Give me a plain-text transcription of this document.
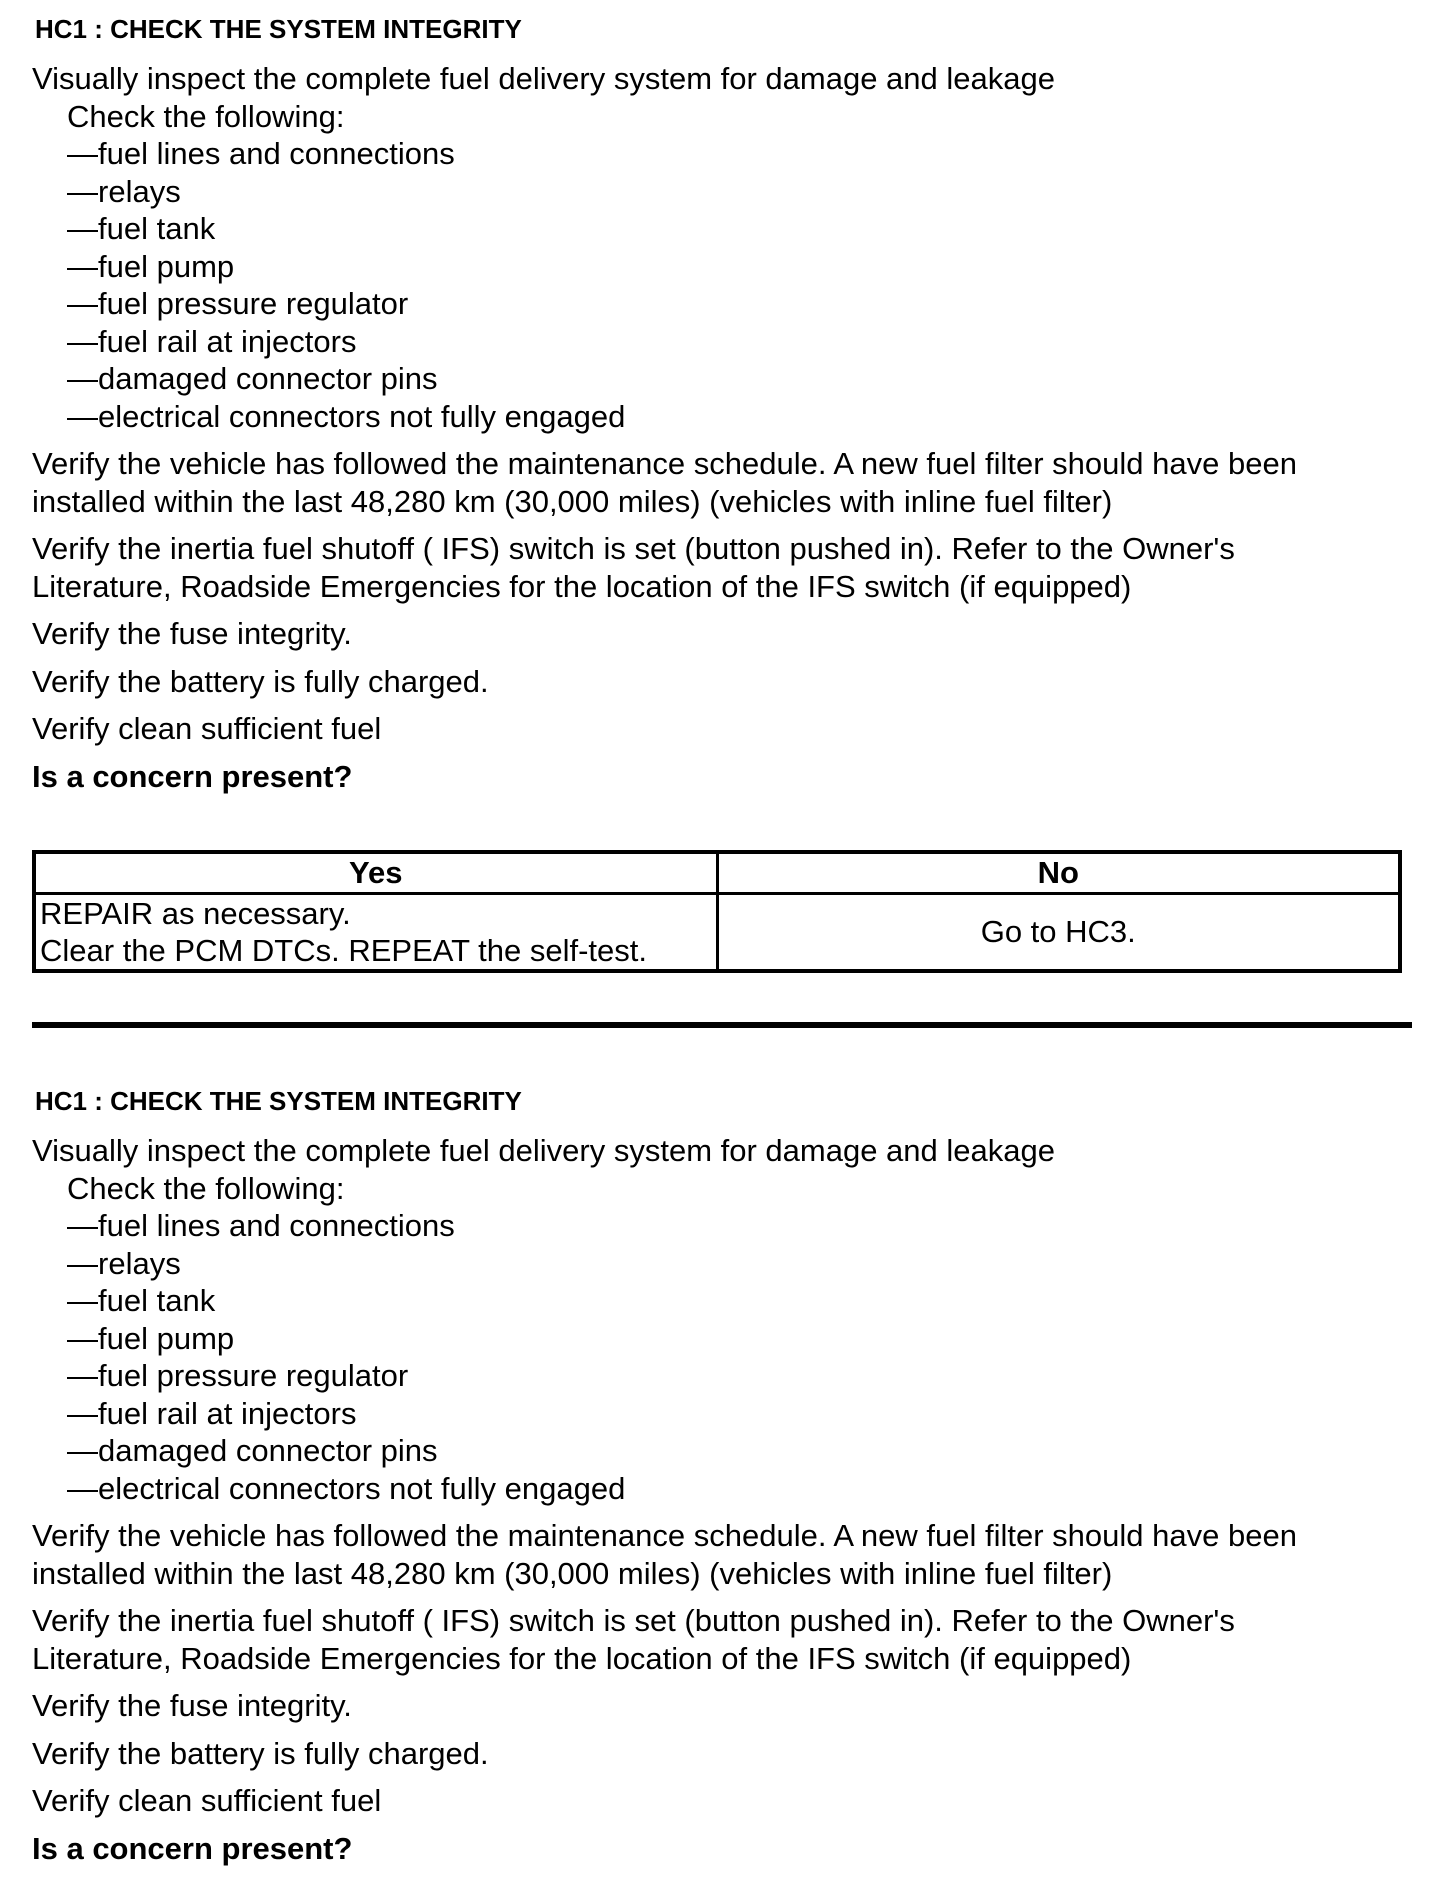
HC1 : CHECK THE SYSTEM INTEGRITY

Visually inspect the complete fuel delivery system for damage and leakage

Check the following:

—fuel lines and connections
—relays
—fuel tank
—fuel pump
—fuel pressure regulator
—fuel rail at injectors
—damaged connector pins
—electrical connectors not fully engaged

Verify the vehicle has followed the maintenance schedule. A new fuel filter should have been

installed within the last 48,280 km (30,000 miles) (vehicles with inline fuel filter)

Verify the inertia fuel shutoff ( IFS) switch is set (button pushed in). Refer to the Owner's

Literature, Roadside Emergencies for the location of the IFS switch (if equipped)

Verify the fuse integrity.

Verify the battery is fully charged.

Verify clean sufficient fuel

Is a concern present?
Yes	No

REPAIR as necessary.
Clear the PCM DTCs. REPEAT the self-test.	Go to HC3.
HC1 : CHECK THE SYSTEM INTEGRITY

Visually inspect the complete fuel delivery system for damage and leakage

Check the following:

—fuel lines and connections
—relays
—fuel tank
—fuel pump
—fuel pressure regulator
—fuel rail at injectors
—damaged connector pins
—electrical connectors not fully engaged

Verify the vehicle has followed the maintenance schedule. A new fuel filter should have been

installed within the last 48,280 km (30,000 miles) (vehicles with inline fuel filter)

Verify the inertia fuel shutoff ( IFS) switch is set (button pushed in). Refer to the Owner's

Literature, Roadside Emergencies for the location of the IFS switch (if equipped)

Verify the fuse integrity.

Verify the battery is fully charged.

Verify clean sufficient fuel

Is a concern present?
